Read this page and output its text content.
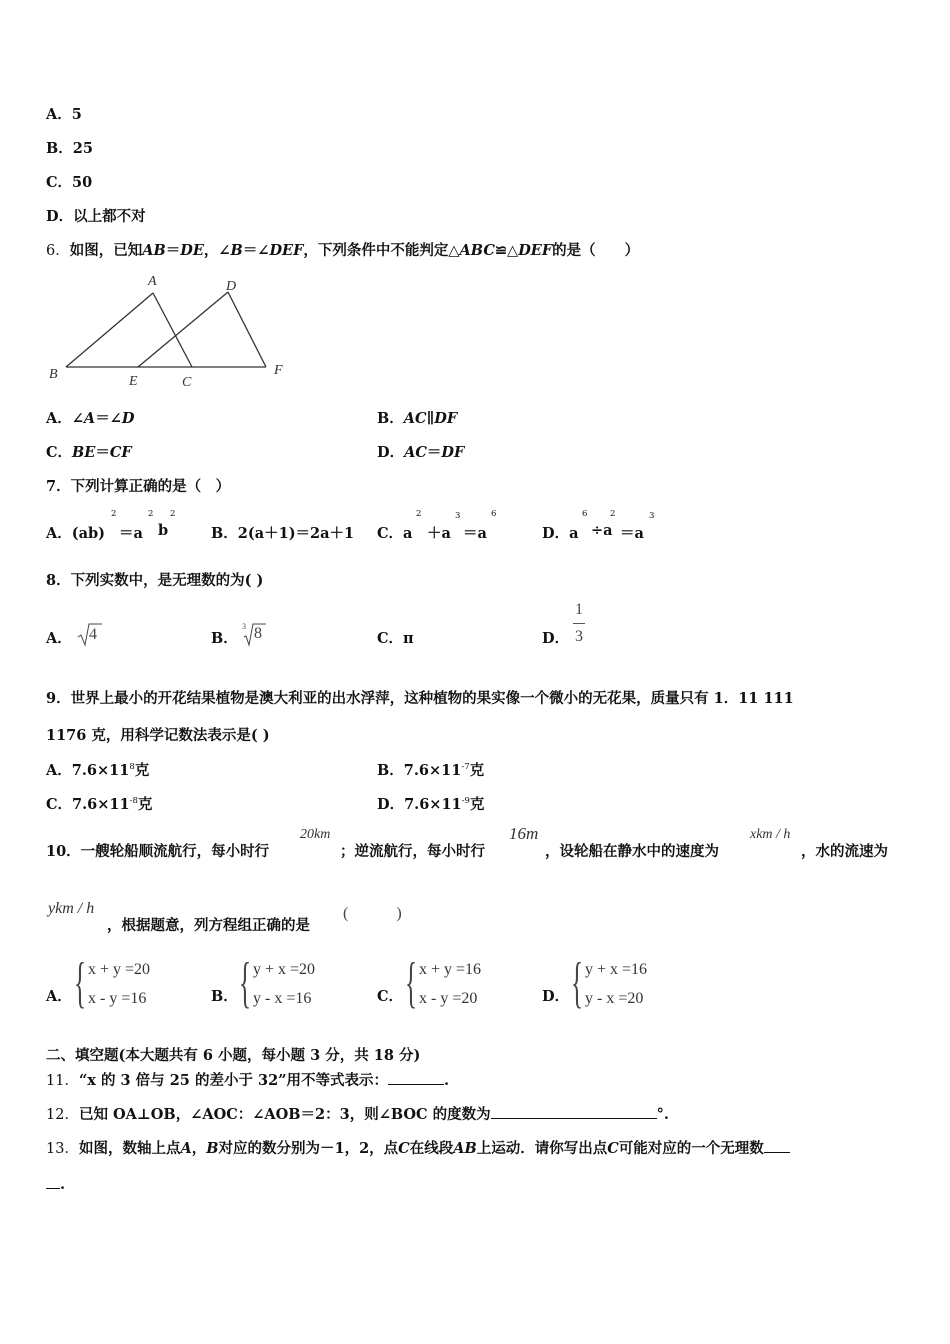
A．5
B．25
C．50
D．以上都不对
6．如图，已知AB＝DE，∠B＝∠DEF，下列条件中不能判定△ABC≌△DEF的是（　　）
A	D
B	E	C
F
A．∠A＝∠D	B．AC∥DF
C．BE＝CF	D．AC＝DF
7．下列计算正确的是（　）
A．(ab)
2
＝a
2
b
2
B．2(a＋1)＝2a＋1 C．a
2
＋a
3
＝a
6
D．a
6
÷a
2
＝a
3
8．下列实数中，是无理数的为( )
A． 4	B．
3 8	C．π	D．
1
3
9．世界上最小的开花结果植物是澳大利亚的出水浮萍，这种植物的果实像一个微小的无花果，质量只有 1．11 111
1176 克，用科学记数法表示是( )
A．$7.6\times 11^8$克	B．$7.6\times 11^{-7}$克
C．$7.6\times 11^{-8}$克	D．$7.6\times 11^{-9}$克
10．一艘轮船顺流航行，每小时行
20km
；逆流航行，每小时行
16m
，设轮船在静水中的速度为
xkm / h
，水的流速为
ykm / h
，根据题意，列方程组正确的是
(　　　)
A． { x + y =20
x - y =16	B． { y + x =20
y - x =16	C． { x + y =16
x - y =20	D． { y + x =16
y - x =20
二、填空题(本大题共有 6 小题，每小题 3 分，共 18 分)
11．“x 的 3 倍与 25 的差小于 32”用不等式表示：	.
12．已知 OA⊥OB，∠AOC：∠AOB＝2：3，则∠BOC 的度数为	°.
13．如图，数轴上点A，B对应的数分别为－1，2，点C在线段AB上运动．请你写出点C可能对应的一个无理数
.
